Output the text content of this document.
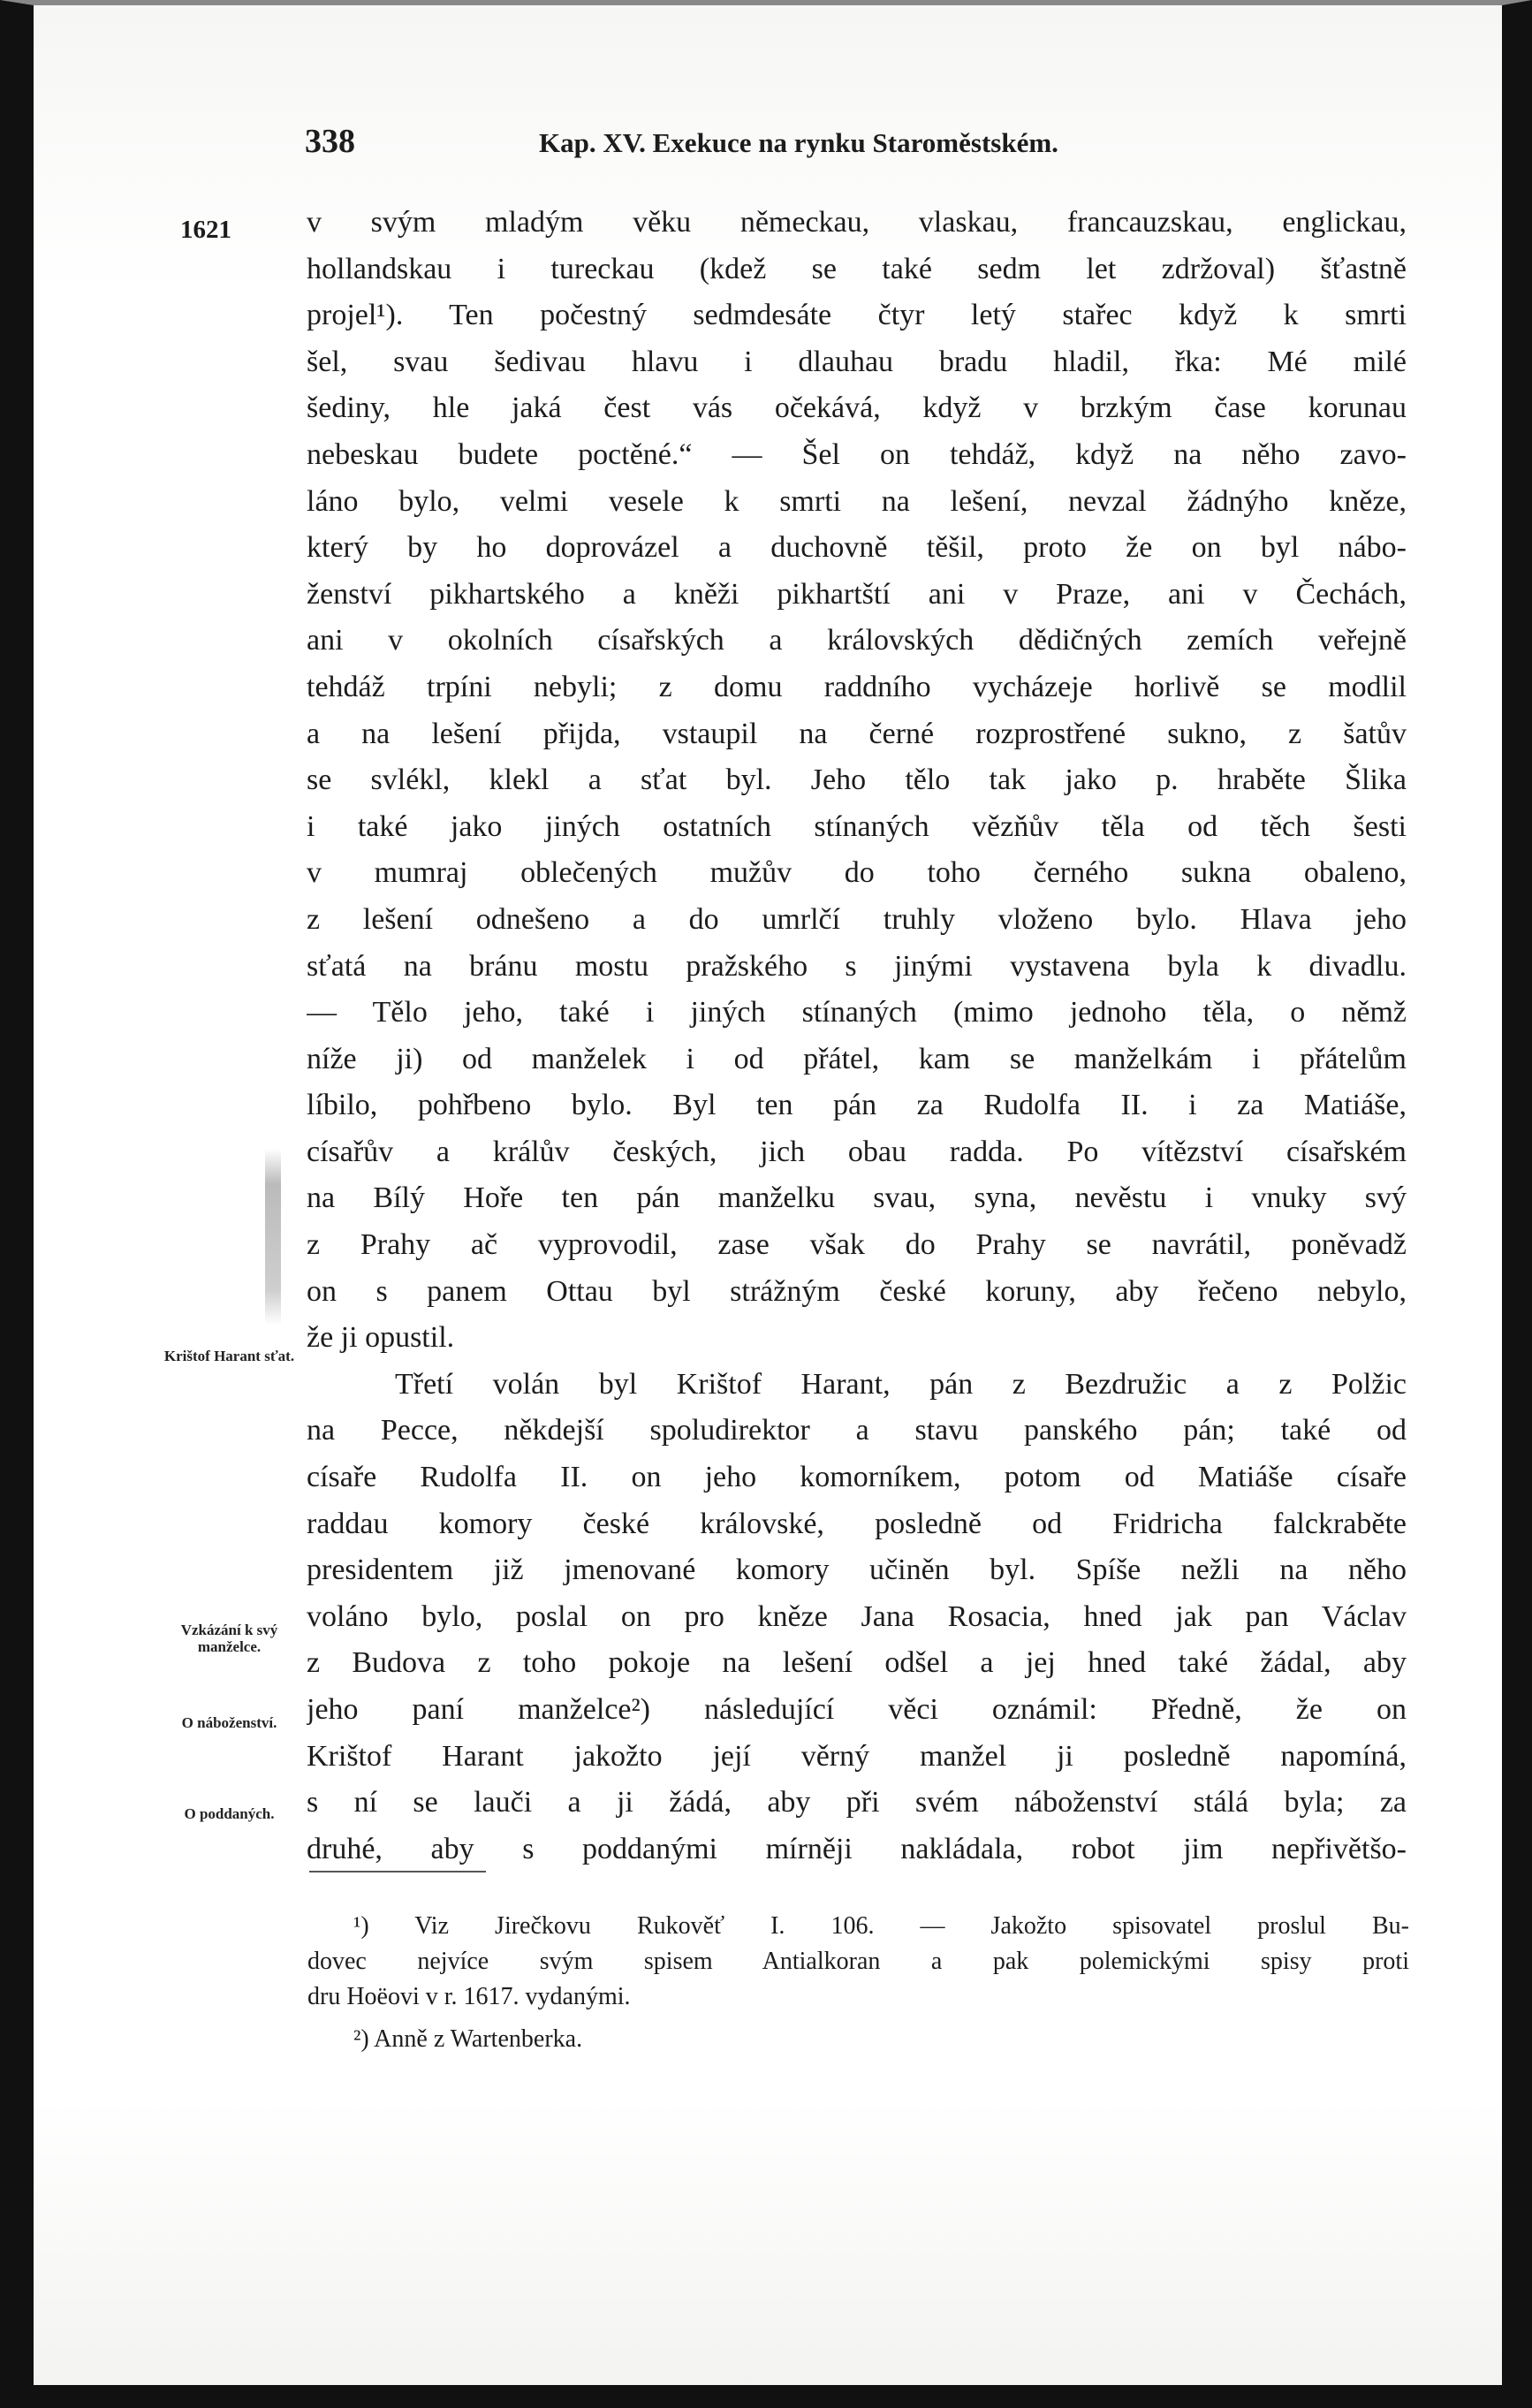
338	Kap. XV. Exekuce na rynku Staroměstském.
1621
Krištof Harant sťat.
Vzkázání k svý manželce.
O náboženství.
O poddaných.
v svým mladým věku německau, vlaskau, francauzskau, englickau,
hollandskau i tureckau (kdež se také sedm let zdržoval) šťastně
projel¹). Ten počestný sedmdesáte čtyr letý stařec když k smrti
šel, svau šedivau hlavu i dlauhau bradu hladil, řka: Mé milé
šediny, hle jaká čest vás očekává, když v brzkým čase korunau
nebeskau budete poctěné.“ — Šel on tehdáž, když na něho zavo-
láno bylo, velmi vesele k smrti na lešení, nevzal žádnýho kněze,
který by ho doprovázel a duchovně těšil, proto že on byl nábo-
ženství pikhartského a kněži pikhartští ani v Praze, ani v Čechách,
ani v okolních císařských a královských dědičných zemích veřejně
tehdáž trpíni nebyli; z domu raddního vycházeje horlivě se modlil
a na lešení přijda, vstaupil na černé rozprostřené sukno, z šatův
se svlékl, klekl a sťat byl. Jeho tělo tak jako p. hraběte Šlika
i také jako jiných ostatních stínaných vězňův těla od těch šesti
v mumraj oblečených mužův do toho černého sukna obaleno,
z lešení odnešeno a do umrlčí truhly vloženo bylo. Hlava jeho
sťatá na bránu mostu pražského s jinými vystavena byla k divadlu.
— Tělo jeho, také i jiných stínaných (mimo jednoho těla, o němž
níže ji) od manželek i od přátel, kam se manželkám i přátelům
líbilo, pohřbeno bylo. Byl ten pán za Rudolfa II. i za Matiáše,
císařův a králův českých, jich obau radda. Po vítězství císařském
na Bílý Hoře ten pán manželku svau, syna, nevěstu i vnuky svý
z Prahy ač vyprovodil, zase však do Prahy se navrátil, poněvadž
on s panem Ottau byl strážným české koruny, aby řečeno nebylo,
že ji opustil.
Třetí volán byl Krištof Harant, pán z Bezdružic a z Polžic
na Pecce, někdejší spoludirektor a stavu panského pán; také od
císaře Rudolfa II. on jeho komorníkem, potom od Matiáše císaře
raddau komory české královské, posledně od Fridricha falckraběte
presidentem již jmenované komory učiněn byl. Spíše nežli na něho
voláno bylo, poslal on pro kněze Jana Rosacia, hned jak pan Václav
z Budova z toho pokoje na lešení odšel a jej hned také žádal, aby
jeho paní manželce²) následující věci oznámil: Předně, že on
Krištof Harant jakožto její věrný manžel ji posledně napomíná,
s ní se lauči a ji žádá, aby při svém náboženství stálá byla; za
druhé, aby s poddanými mírněji nakládala, robot jim nepřivětšo-
¹) Viz Jirečkovu Rukověť I. 106. — Jakožto spisovatel proslul Bu-
dovec nejvíce svým spisem Antialkoran a pak polemickými spisy proti
dru Hoëovi v r. 1617. vydanými.
²) Anně z Wartenberka.
